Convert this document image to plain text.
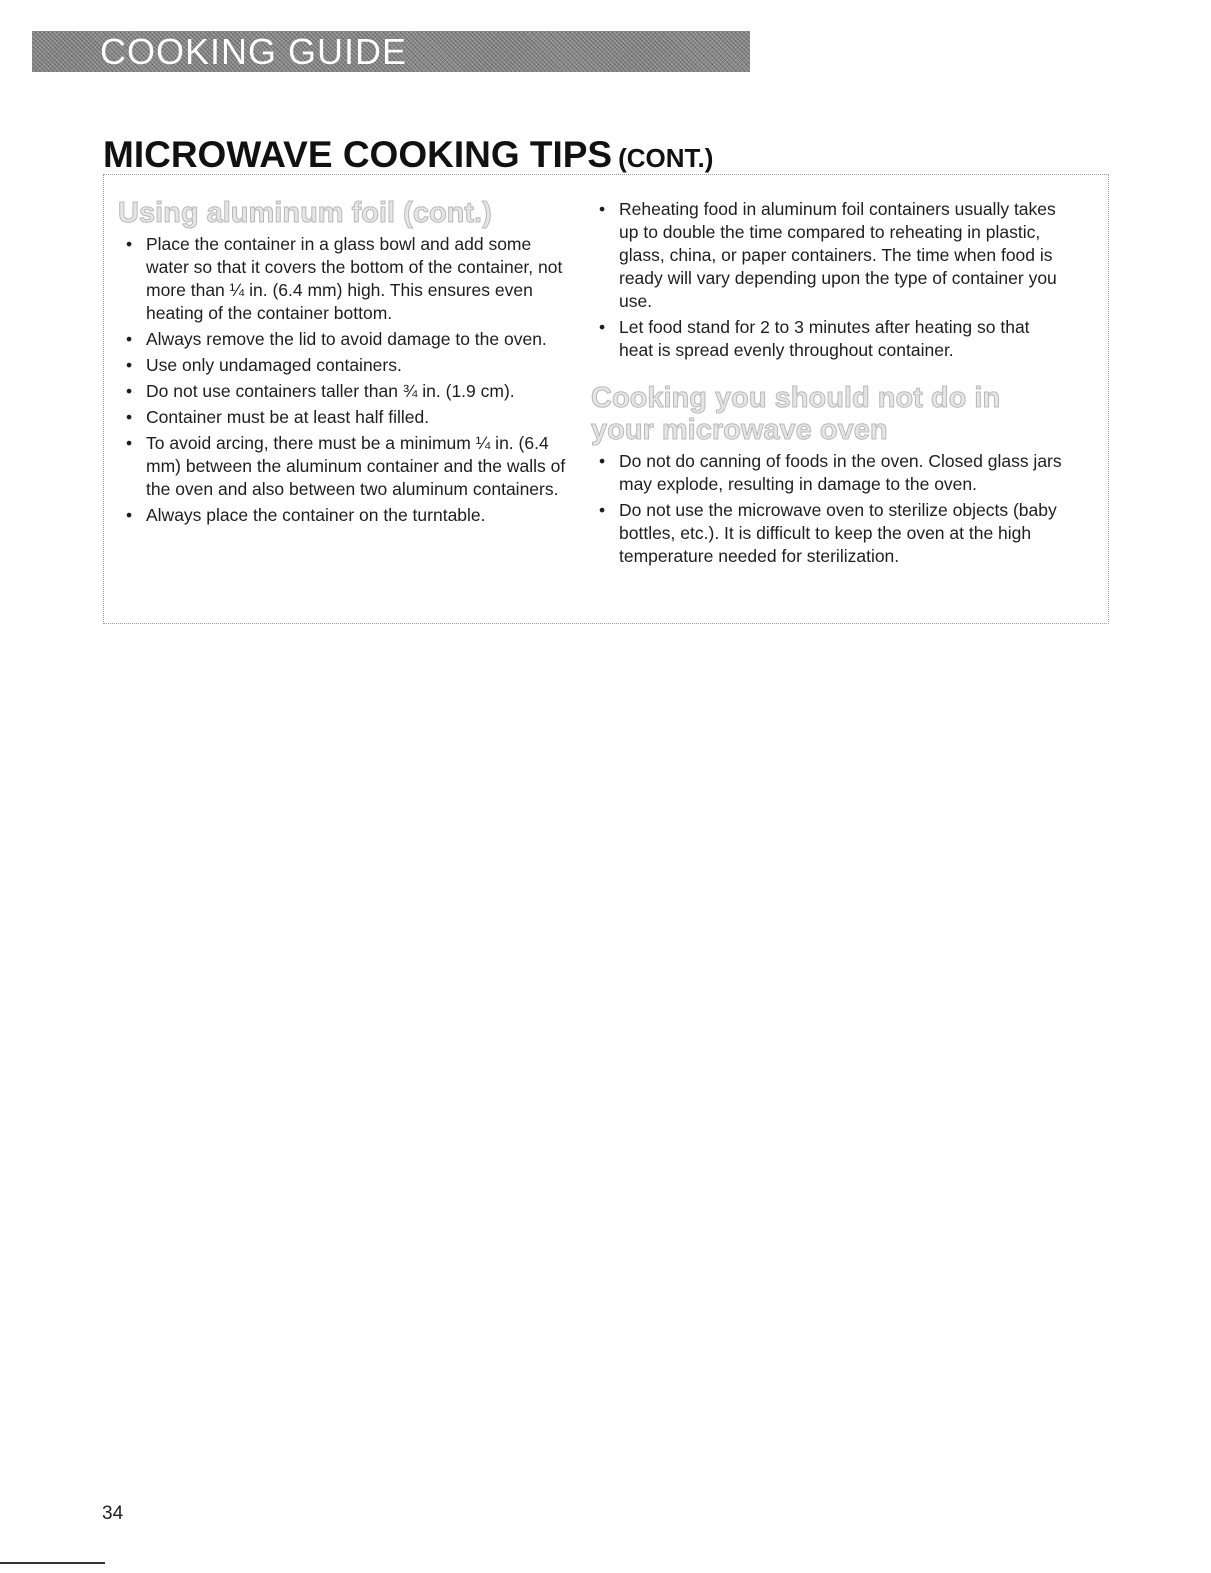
COOKING GUIDE
MICROWAVE COOKING TIPS (CONT.)
Using aluminum foil (cont.)
• Place the container in a glass bowl and add some water so that it covers the bottom of the container, not more than ¼ in. (6.4 mm) high. This ensures even heating of the container bottom.
• Always remove the lid to avoid damage to the oven.
• Use only undamaged containers.
• Do not use containers taller than ¾ in. (1.9 cm).
• Container must be at least half filled.
• To avoid arcing, there must be a minimum ¼ in. (6.4 mm) between the aluminum container and the walls of the oven and also between two aluminum containers.
• Always place the container on the turntable.
• Reheating food in aluminum foil containers usually takes up to double the time compared to reheating in plastic, glass, china, or paper containers. The time when food is ready will vary depending upon the type of container you use.
• Let food stand for 2 to 3 minutes after heating so that heat is spread evenly throughout container.
Cooking you should not do in your microwave oven
• Do not do canning of foods in the oven. Closed glass jars may explode, resulting in damage to the oven.
• Do not use the microwave oven to sterilize objects (baby bottles, etc.). It is difficult to keep the oven at the high temperature needed for sterilization.
34
